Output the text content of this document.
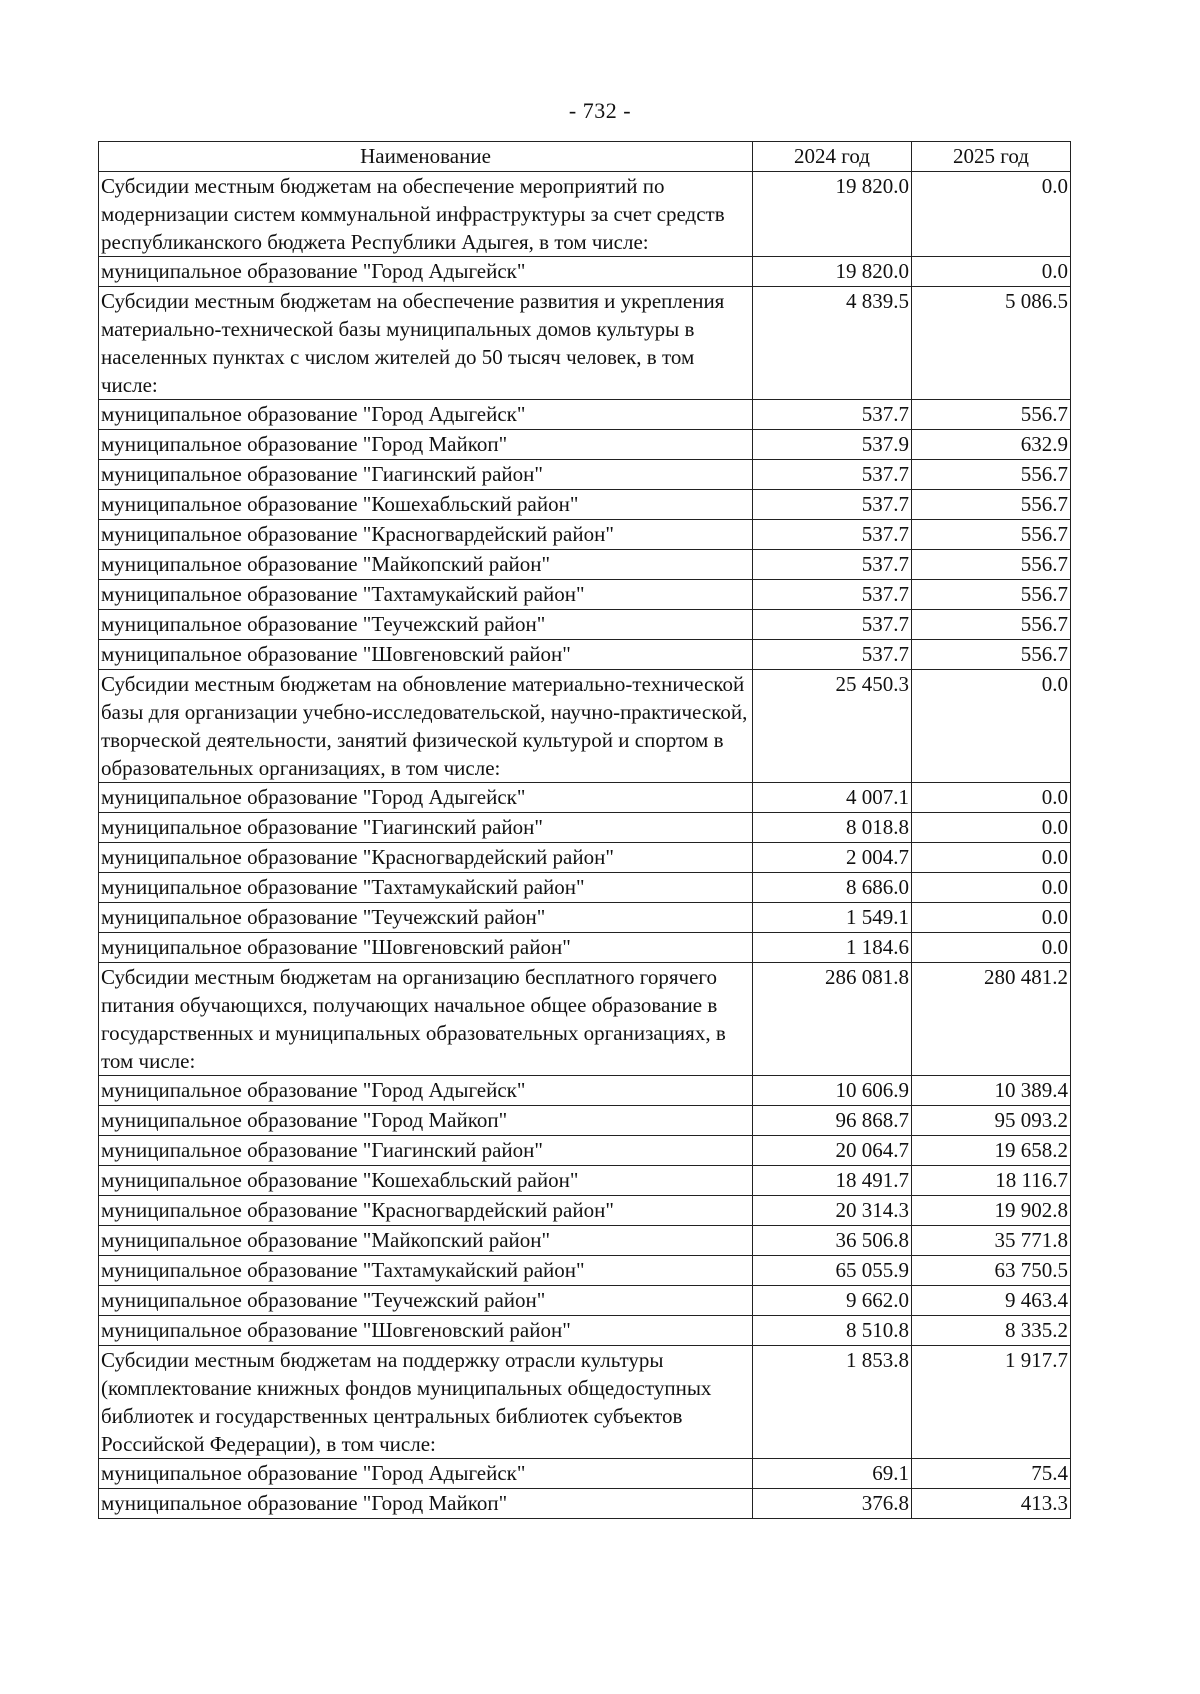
- 732 -
Наименование	2024 год	2025 год
Субсидии местным бюджетам на обеспечение мероприятий по модернизации систем коммунальной инфраструктуры за счет средств республиканского бюджета Республики Адыгея, в том числе:	19 820.0	0.0
муниципальное образование "Город Адыгейск"	19 820.0	0.0
Субсидии местным бюджетам на обеспечение развития и укрепления материально-технической базы муниципальных домов культуры в населенных пунктах с числом жителей до 50 тысяч человек, в том числе:	4 839.5	5 086.5
муниципальное образование "Город Адыгейск"	537.7	556.7
муниципальное образование "Город Майкоп"	537.9	632.9
муниципальное образование "Гиагинский район"	537.7	556.7
муниципальное образование "Кошехабльский район"	537.7	556.7
муниципальное образование "Красногвардейский район"	537.7	556.7
муниципальное образование "Майкопский район"	537.7	556.7
муниципальное образование "Тахтамукайский район"	537.7	556.7
муниципальное образование "Теучежский район"	537.7	556.7
муниципальное образование "Шовгеновский район"	537.7	556.7
Субсидии местным бюджетам на обновление материально-технической базы для организации учебно-исследовательской, научно-практической, творческой деятельности, занятий физической культурой и спортом в образовательных организациях, в том числе:	25 450.3	0.0
муниципальное образование "Город Адыгейск"	4 007.1	0.0
муниципальное образование "Гиагинский район"	8 018.8	0.0
муниципальное образование "Красногвардейский район"	2 004.7	0.0
муниципальное образование "Тахтамукайский район"	8 686.0	0.0
муниципальное образование "Теучежский район"	1 549.1	0.0
муниципальное образование "Шовгеновский район"	1 184.6	0.0
Субсидии местным бюджетам на организацию бесплатного горячего питания обучающихся, получающих начальное общее образование в государственных и муниципальных образовательных организациях, в том числе:	286 081.8	280 481.2
муниципальное образование "Город Адыгейск"	10 606.9	10 389.4
муниципальное образование "Город Майкоп"	96 868.7	95 093.2
муниципальное образование "Гиагинский район"	20 064.7	19 658.2
муниципальное образование "Кошехабльский район"	18 491.7	18 116.7
муниципальное образование "Красногвардейский район"	20 314.3	19 902.8
муниципальное образование "Майкопский район"	36 506.8	35 771.8
муниципальное образование "Тахтамукайский район"	65 055.9	63 750.5
муниципальное образование "Теучежский район"	9 662.0	9 463.4
муниципальное образование "Шовгеновский район"	8 510.8	8 335.2
Субсидии местным бюджетам на поддержку отрасли культуры (комплектование книжных фондов муниципальных общедоступных библиотек и государственных центральных библиотек субъектов Российской Федерации), в том числе:	1 853.8	1 917.7
муниципальное образование "Город Адыгейск"	69.1	75.4
муниципальное образование "Город Майкоп"	376.8	413.3
